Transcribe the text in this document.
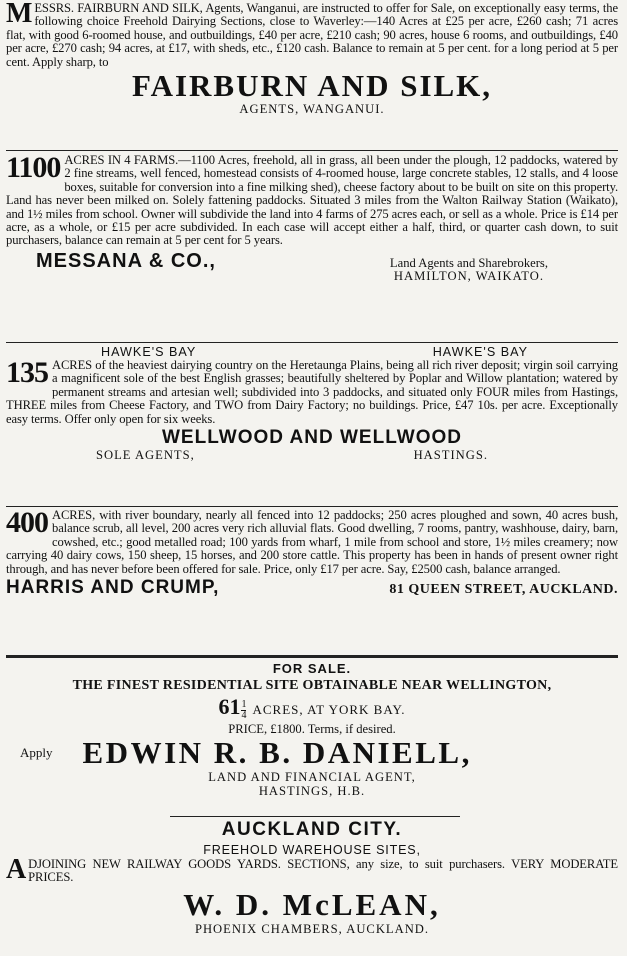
MESSRS. FAIRBURN AND SILK, Agents, Wanganui, are instructed to offer for Sale, on exceptionally easy terms, the following choice Freehold Dairying Sections, close to Waverley:—140 Acres at £25 per acre, £260 cash; 71 acres flat, with good 6-roomed house, and outbuildings, £40 per acre, £210 cash; 90 acres, house 6 rooms, and outbuildings, £40 per acre, £270 cash; 94 acres, at £17, with sheds, etc., £120 cash. Balance to remain at 5 per cent. for a long period at 5 per cent. Apply sharp, to
FAIRBURN AND SILK,
AGENTS, WANGANUI.
1100 ACRES IN 4 FARMS.—1100 Acres, freehold, all in grass, all been under the plough, 12 paddocks, watered by 2 fine streams, well fenced, homestead consists of 4-roomed house, large concrete stables, 12 stalls, and 4 loose boxes, suitable for conversion into a fine milking shed), cheese factory about to be built on site on this property. Land has never been milked on. Solely fattening paddocks. Situated 3 miles from the Walton Railway Station (Waikato), and 1½ miles from school. Owner will subdivide the land into 4 farms of 275 acres each, or sell as a whole. Price is £14 per acre, as a whole, or £15 per acre subdivided. In each case will accept either a half, third, or quarter cash down, to suit purchasers, balance can remain at 5 per cent for 5 years.
MESSANA & CO.,	Land Agents and Sharebrokers,
HAMILTON, WAIKATO.
HAWKE'S BAY	HAWKE'S BAY
135 ACRES of the heaviest dairying country on the Heretaunga Plains, being all rich river deposit; virgin soil carrying a magnificent sole of the best English grasses; beautifully sheltered by Poplar and Willow plantation; watered by permanent streams and artesian well; subdivided into 3 paddocks, and situated only FOUR miles from Hastings, THREE miles from Cheese Factory, and TWO from Dairy Factory; no buildings. Price, £47 10s. per acre. Exceptionally easy terms. Offer only open for six weeks.
WELLWOOD AND WELLWOOD
SOLE AGENTS,	HASTINGS.
400 ACRES, with river boundary, nearly all fenced into 12 paddocks; 250 acres ploughed and sown, 40 acres bush, balance scrub, all level, 200 acres very rich alluvial flats. Good dwelling, 7 rooms, pantry, washhouse, dairy, barn, cowshed, etc.; good metalled road; 100 yards from wharf, 1 mile from school and store, 1½ miles creamery; now carrying 40 dairy cows, 150 sheep, 15 horses, and 200 store cattle. This property has been in hands of present owner right through, and has never before been offered for sale. Price, only £17 per acre. Say, £2500 cash, balance arranged.
HARRIS AND CRUMP,	81 QUEEN STREET, AUCKLAND.
FOR SALE.
THE FINEST RESIDENTIAL SITE OBTAINABLE NEAR WELLINGTON,
$61 \frac{1}{4}$ ACRES, AT YORK BAY.
PRICE, £1800. Terms, if desired.
Apply EDWIN R. B. DANIELL,
LAND AND FINANCIAL AGENT,
HASTINGS, H.B.
AUCKLAND CITY.
FREEHOLD WAREHOUSE SITES,
ADJOINING NEW RAILWAY GOODS YARDS. SECTIONS, any size, to suit purchasers. VERY MODERATE PRICES.
W. D. McLEAN,
PHOENIX CHAMBERS, AUCKLAND.
